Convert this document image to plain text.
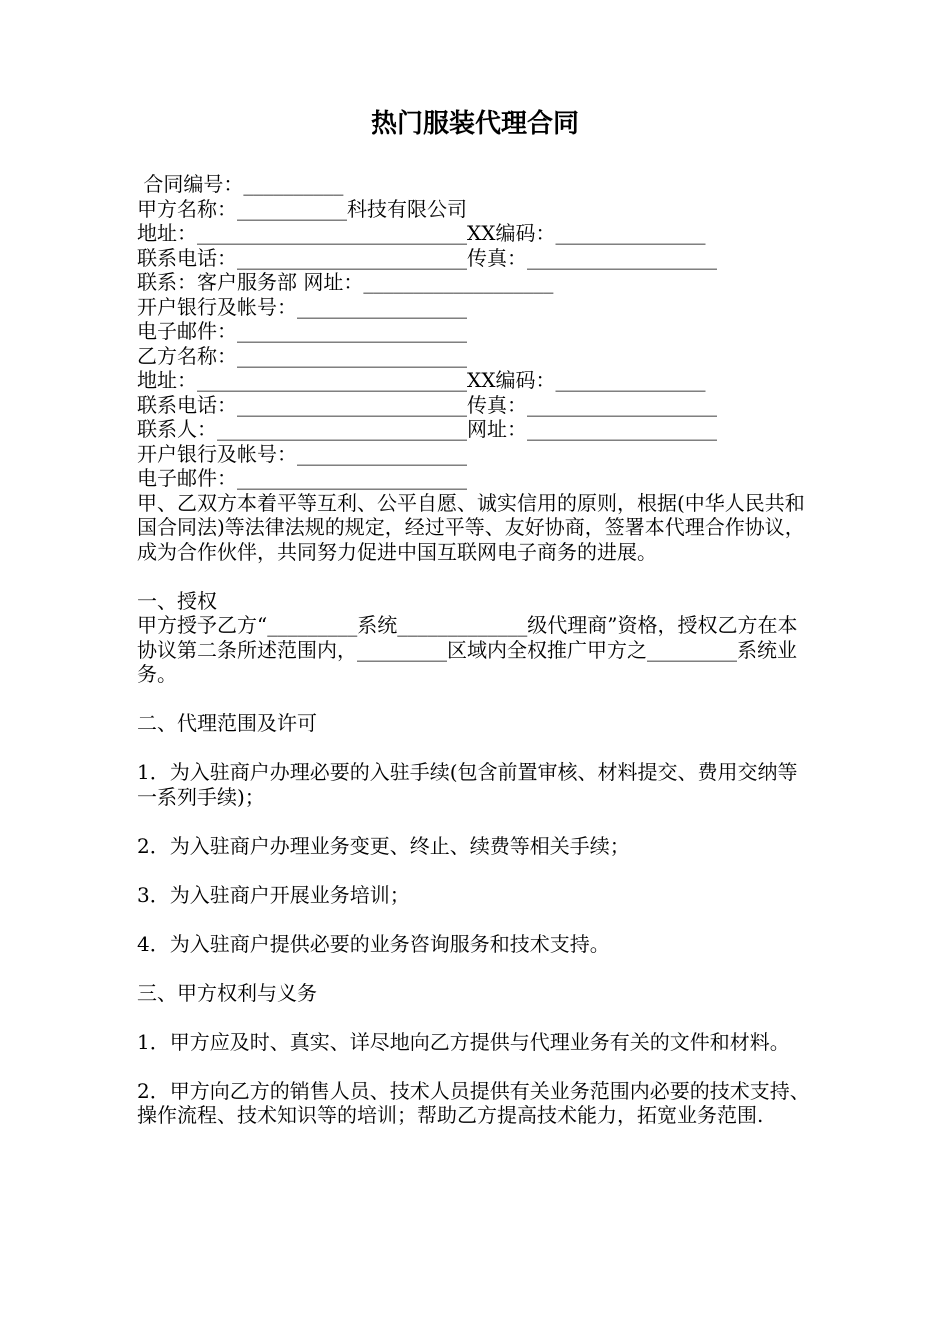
热门服装代理合同
合同编号：__________
甲方名称：___________科技有限公司
地址：___________________________XX编码：_______________
联系电话：_______________________传真：___________________
联系：客户服务部 网址：___________________
开户银行及帐号：_________________
电子邮件：_______________________
乙方名称：_______________________
地址：___________________________XX编码：_______________
联系电话：_______________________传真：___________________
联系人：_________________________网址：___________________
开户银行及帐号：_________________
电子邮件：_______________________

甲、乙双方本着平等互利、公平自愿、诚实信用的原则，根据(中华人民共和国合同法)等法律法规的规定，经过平等、友好协商，签署本代理合作协议，成为合作伙伴，共同努力促进中国互联网电子商务的进展。

一、授权

甲方授予乙方“_________系统_____________级代理商”资格，授权乙方在本协议第二条所述范围内，_________区域内全权推广甲方之_________系统业务。

二、代理范围及许可

1．为入驻商户办理必要的入驻手续(包含前置审核、材料提交、费用交纳等一系列手续)；

2．为入驻商户办理业务变更、终止、续费等相关手续；

3．为入驻商户开展业务培训；

4．为入驻商户提供必要的业务咨询服务和技术支持。

三、甲方权利与义务

1．甲方应及时、真实、详尽地向乙方提供与代理业务有关的文件和材料。

2．甲方向乙方的销售人员、技术人员提供有关业务范围内必要的技术支持、操作流程、技术知识等的培训；帮助乙方提高技术能力，拓宽业务范围.
